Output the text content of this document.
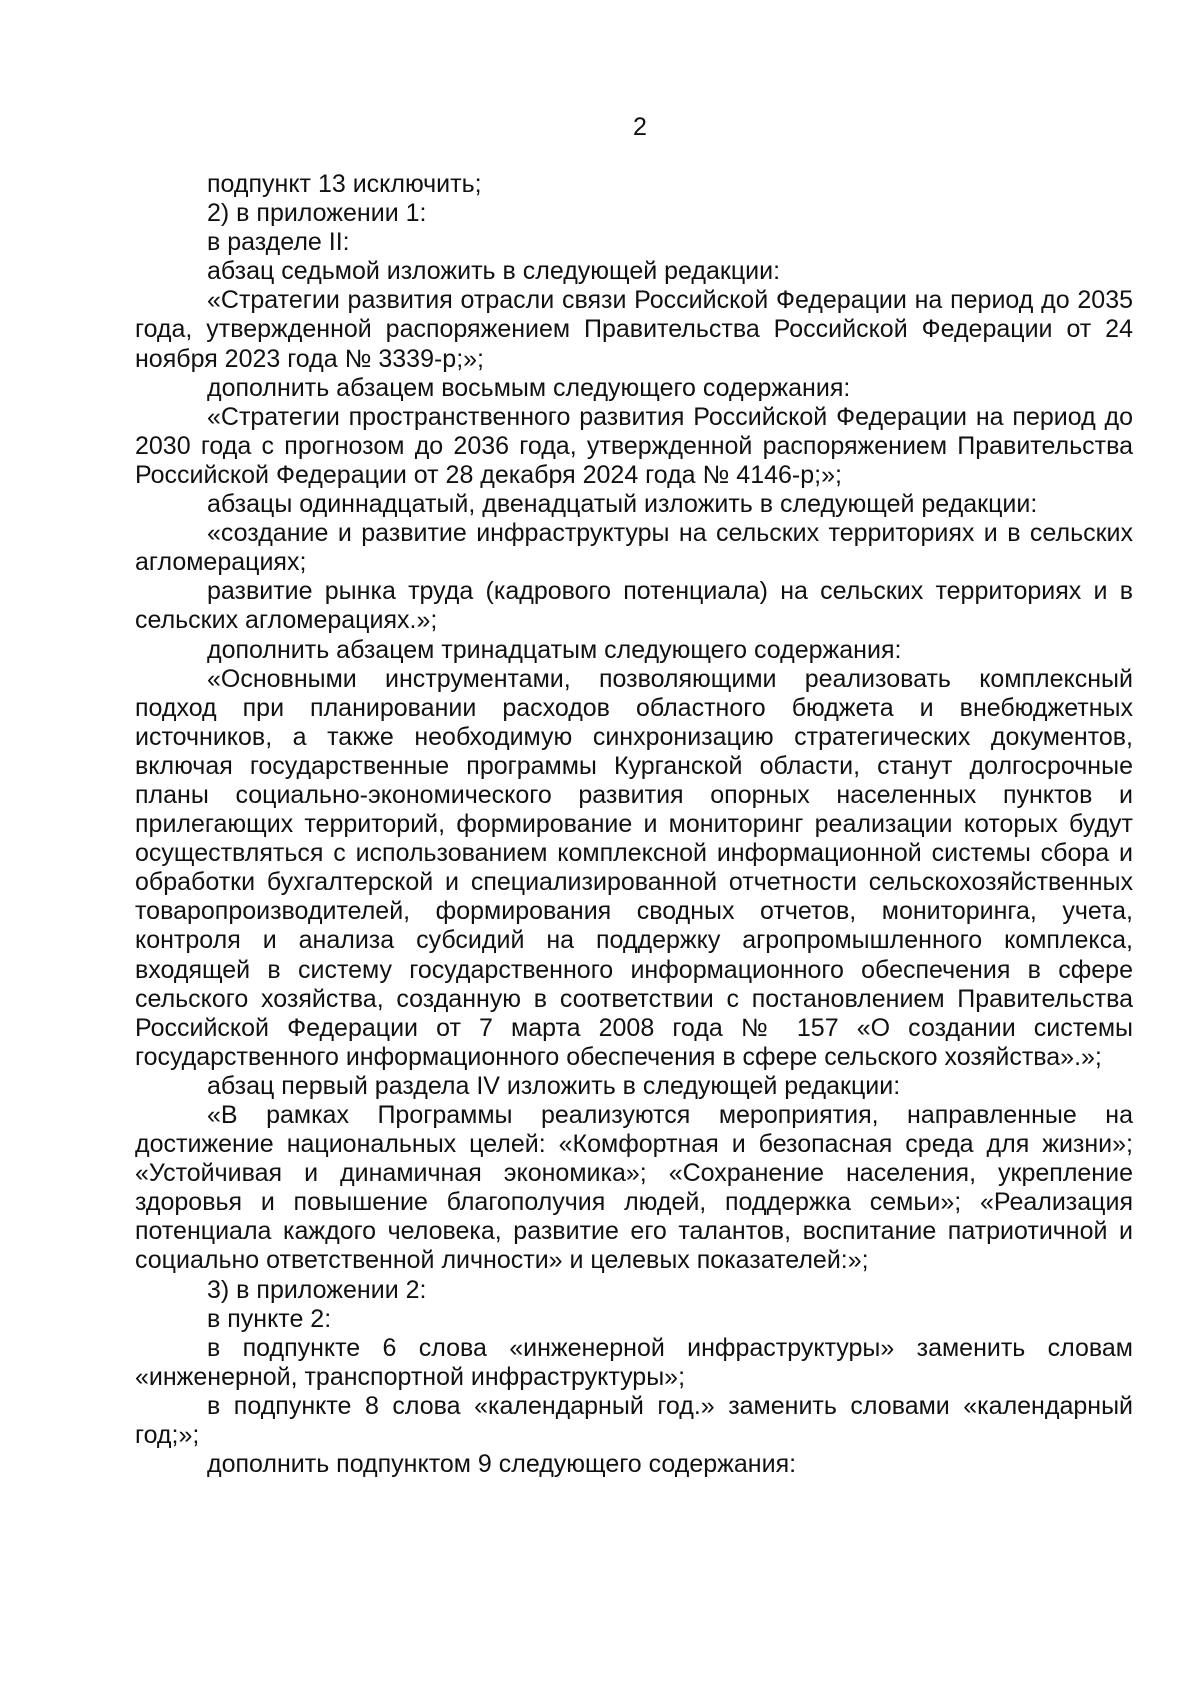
2

подпункт 13 исключить;

2) в приложении 1:

в разделе II:

абзац седьмой изложить в следующей редакции:

«Стратегии развития отрасли связи Российской Федерации на период до 2035 года, утвержденной распоряжением Правительства Российской Федерации от 24 ноября 2023 года № 3339-р;»;

дополнить абзацем восьмым следующего содержания:

«Стратегии пространственного развития Российской Федерации на период до 2030 года с прогнозом до 2036 года, утвержденной распоряжением Правительства Российской Федерации от 28 декабря 2024 года № 4146-р;»;

абзацы одиннадцатый, двенадцатый изложить в следующей редакции:

«создание и развитие инфраструктуры на сельских территориях и в сельских агломерациях;

развитие рынка труда (кадрового потенциала) на сельских территориях и в сельских агломерациях.»;

дополнить абзацем тринадцатым следующего содержания:

«Основными инструментами, позволяющими реализовать комплексный подход при планировании расходов областного бюджета и внебюджетных источников, а также необходимую синхронизацию стратегических документов, включая государственные программы Курганской области, станут долгосрочные планы социально-экономического развития опорных населенных пунктов и прилегающих территорий, формирование и мониторинг реализации которых будут осуществляться с использованием комплексной информационной системы сбора и обработки бухгалтерской и специализированной отчетности сельскохозяйственных товаропроизводителей, формирования сводных отчетов, мониторинга, учета, контроля и анализа субсидий на поддержку агропромышленного комплекса, входящей в систему государственного информационного обеспечения в сфере сельского хозяйства, созданную в соответствии с постановлением Правительства Российской Федерации от 7 марта 2008 года № 157 «О создании системы государственного информационного обеспечения в сфере сельского хозяйства».»;

абзац первый раздела IV изложить в следующей редакции:

«В рамках Программы реализуются мероприятия, направленные на достижение национальных целей: «Комфортная и безопасная среда для жизни»; «Устойчивая и динамичная экономика»; «Сохранение населения, укрепление здоровья и повышение благополучия людей, поддержка семьи»; «Реализация потенциала каждого человека, развитие его талантов, воспитание патриотичной и социально ответственной личности» и целевых показателей:»;

3) в приложении 2:

в пункте 2:

в подпункте 6 слова «инженерной инфраструктуры» заменить словам «инженерной, транспортной инфраструктуры»;

в подпункте 8 слова «календарный год.» заменить словами «календарный год;»;

дополнить подпунктом 9 следующего содержания:
